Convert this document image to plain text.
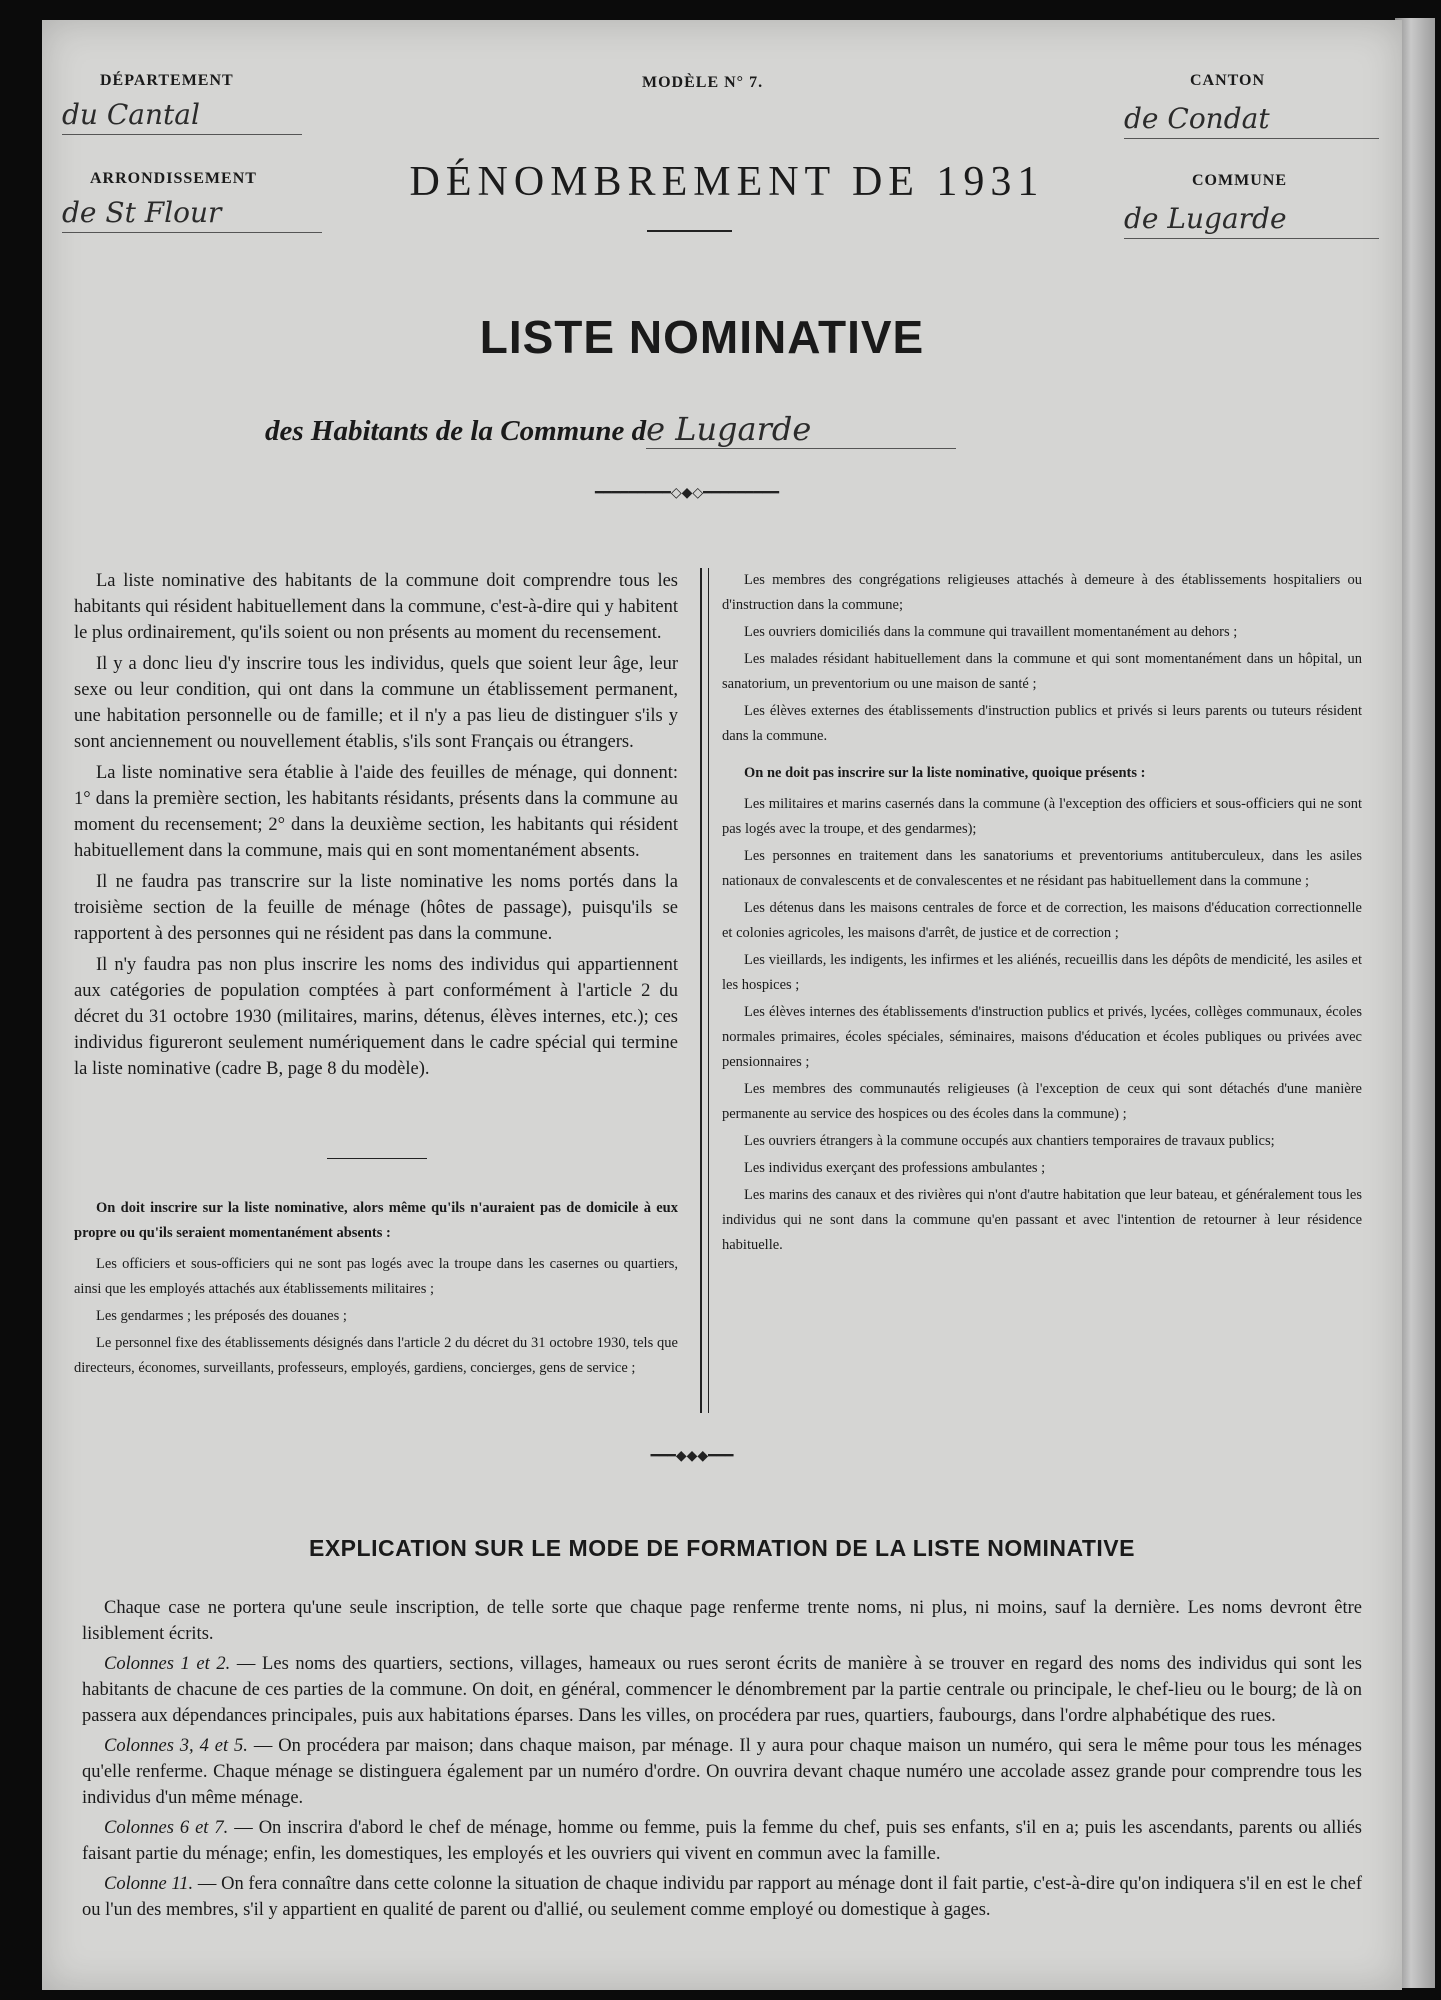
DÉPARTEMENT
du Cantal
ARRONDISSEMENT
de St Flour
MODÈLE N° 7.
DÉNOMBREMENT DE 1931
CANTON
de Condat
COMMUNE
de Lugarde
LISTE NOMINATIVE
des Habitants de la Commune de Lugarde
━━━━━━━━━◇◆◇━━━━━━━━━

La liste nominative des habitants de la commune doit comprendre tous les habitants qui résident habituellement dans la commune, c'est-à-dire qui y habitent le plus ordinairement, qu'ils soient ou non présents au moment du recensement.

Il y a donc lieu d'y inscrire tous les individus, quels que soient leur âge, leur sexe ou leur condition, qui ont dans la commune un établissement permanent, une habitation personnelle ou de famille; et il n'y a pas lieu de distinguer s'ils y sont anciennement ou nouvellement établis, s'ils sont Français ou étrangers.

La liste nominative sera établie à l'aide des feuilles de ménage, qui donnent: 1° dans la première section, les habitants résidants, présents dans la commune au moment du recensement; 2° dans la deuxième section, les habitants qui résident habituellement dans la commune, mais qui en sont momentanément absents.

Il ne faudra pas transcrire sur la liste nominative les noms portés dans la troisième section de la feuille de ménage (hôtes de passage), puisqu'ils se rapportent à des personnes qui ne résident pas dans la commune.

Il n'y faudra pas non plus inscrire les noms des individus qui appartiennent aux catégories de population comptées à part conformément à l'article 2 du décret du 31 octobre 1930 (militaires, marins, détenus, élèves internes, etc.); ces individus figureront seulement numériquement dans le cadre spécial qui termine la liste nominative (cadre B, page 8 du modèle).

On doit inscrire sur la liste nominative, alors même qu'ils n'auraient pas de domicile à eux propre ou qu'ils seraient momentanément absents :

Les officiers et sous-officiers qui ne sont pas logés avec la troupe dans les casernes ou quartiers, ainsi que les employés attachés aux établissements militaires ;

Les gendarmes ; les préposés des douanes ;

Le personnel fixe des établissements désignés dans l'article 2 du décret du 31 octobre 1930, tels que directeurs, économes, surveillants, professeurs, employés, gardiens, concierges, gens de service ;

Les membres des congrégations religieuses attachés à demeure à des établissements hospitaliers ou d'instruction dans la commune;

Les ouvriers domiciliés dans la commune qui travaillent momentanément au dehors ;

Les malades résidant habituellement dans la commune et qui sont momentanément dans un hôpital, un sanatorium, un preventorium ou une maison de santé ;

Les élèves externes des établissements d'instruction publics et privés si leurs parents ou tuteurs résident dans la commune.

On ne doit pas inscrire sur la liste nominative, quoique présents :

Les militaires et marins casernés dans la commune (à l'exception des officiers et sous-officiers qui ne sont pas logés avec la troupe, et des gendarmes);

Les personnes en traitement dans les sanatoriums et preventoriums antituberculeux, dans les asiles nationaux de convalescents et de convalescentes et ne résidant pas habituellement dans la commune ;

Les détenus dans les maisons centrales de force et de correction, les maisons d'éducation correctionnelle et colonies agricoles, les maisons d'arrêt, de justice et de correction ;

Les vieillards, les indigents, les infirmes et les aliénés, recueillis dans les dépôts de mendicité, les asiles et les hospices ;

Les élèves internes des établissements d'instruction publics et privés, lycées, collèges communaux, écoles normales primaires, écoles spéciales, séminaires, maisons d'éducation et écoles publiques ou privées avec pensionnaires ;

Les membres des communautés religieuses (à l'exception de ceux qui sont détachés d'une manière permanente au service des hospices ou des écoles dans la commune) ;

Les ouvriers étrangers à la commune occupés aux chantiers temporaires de travaux publics;

Les individus exerçant des professions ambulantes ;

Les marins des canaux et des rivières qui n'ont d'autre habitation que leur bateau, et généralement tous les individus qui ne sont dans la commune qu'en passant et avec l'intention de retourner à leur résidence habituelle.

━━━◆◆◆━━━
EXPLICATION SUR LE MODE DE FORMATION DE LA LISTE NOMINATIVE

Chaque case ne portera qu'une seule inscription, de telle sorte que chaque page renferme trente noms, ni plus, ni moins, sauf la dernière. Les noms devront être lisiblement écrits.

Colonnes 1 et 2. — Les noms des quartiers, sections, villages, hameaux ou rues seront écrits de manière à se trouver en regard des noms des individus qui sont les habitants de chacune de ces parties de la commune. On doit, en général, commencer le dénombrement par la partie centrale ou principale, le chef-lieu ou le bourg; de là on passera aux dépendances principales, puis aux habitations éparses. Dans les villes, on procédera par rues, quartiers, faubourgs, dans l'ordre alphabétique des rues.

Colonnes 3, 4 et 5. — On procédera par maison; dans chaque maison, par ménage. Il y aura pour chaque maison un numéro, qui sera le même pour tous les ménages qu'elle renferme. Chaque ménage se distinguera également par un numéro d'ordre. On ouvrira devant chaque numéro une accolade assez grande pour comprendre tous les individus d'un même ménage.

Colonnes 6 et 7. — On inscrira d'abord le chef de ménage, homme ou femme, puis la femme du chef, puis ses enfants, s'il en a; puis les ascendants, parents ou alliés faisant partie du ménage; enfin, les domestiques, les employés et les ouvriers qui vivent en commun avec la famille.

Colonne 11. — On fera connaître dans cette colonne la situation de chaque individu par rapport au ménage dont il fait partie, c'est-à-dire qu'on indiquera s'il en est le chef ou l'un des membres, s'il y appartient en qualité de parent ou d'allié, ou seulement comme employé ou domestique à gages.
